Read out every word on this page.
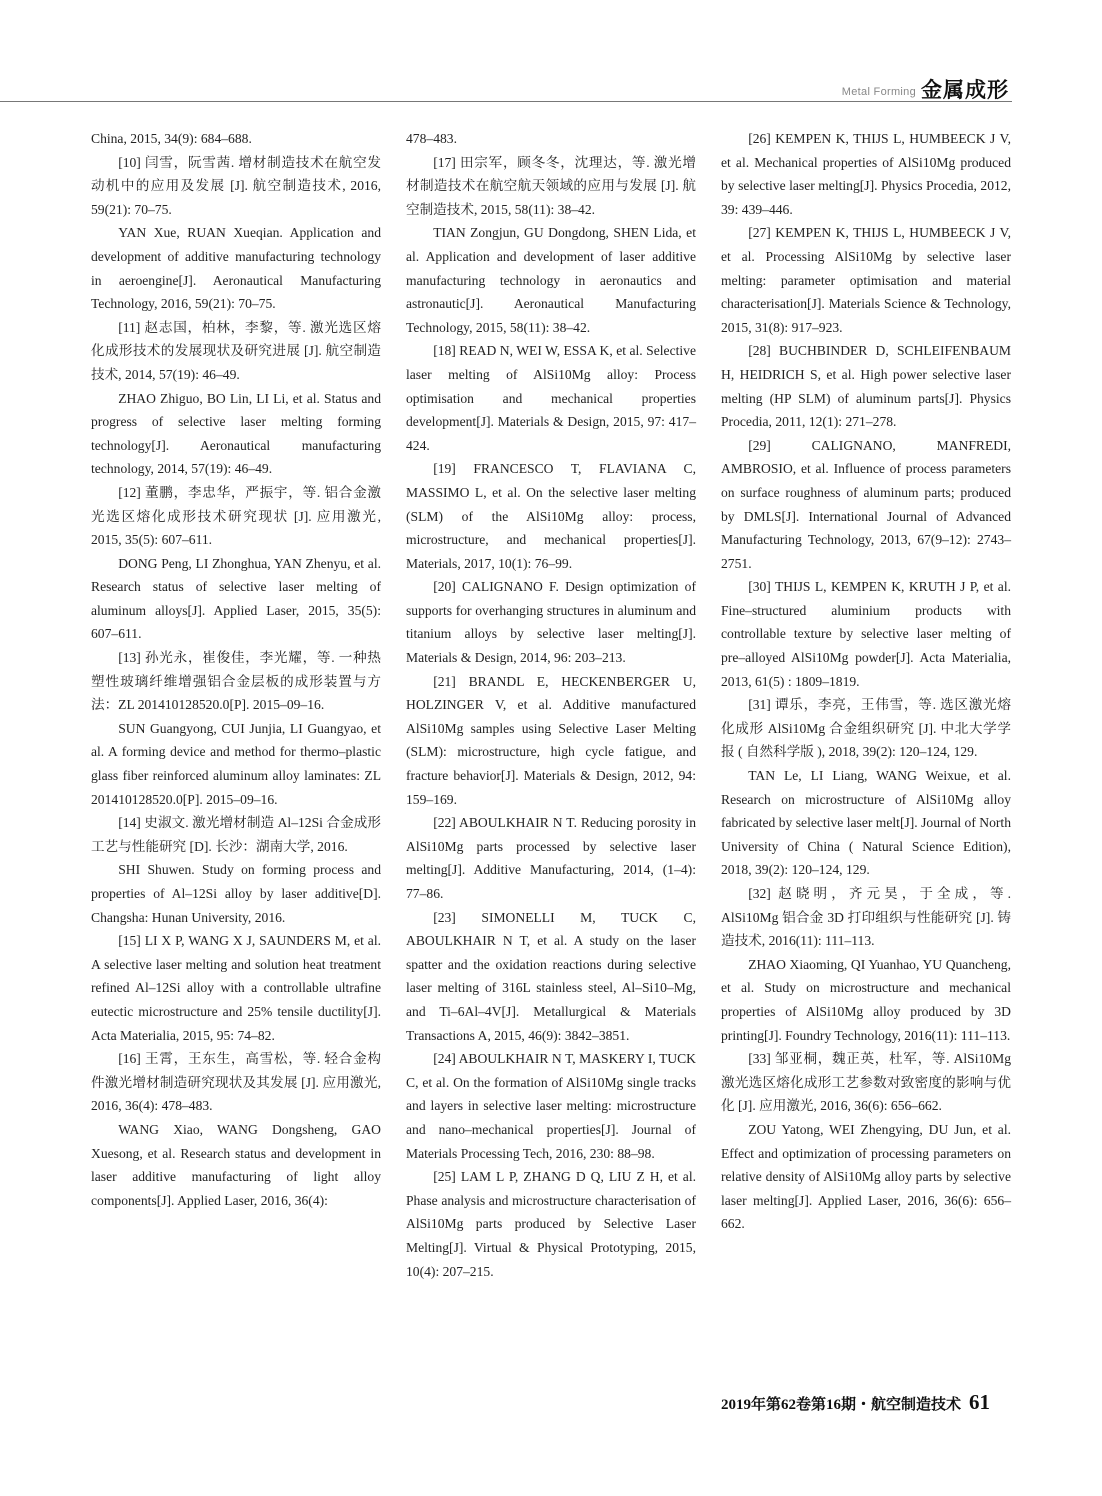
Metal Forming 金属成形

China, 2015, 34(9): 684–688.

[10] 闫雪，阮雪茜. 增材制造技术在航空发动机中的应用及发展 [J]. 航空制造技术, 2016, 59(21): 70–75.

YAN Xue, RUAN Xueqian. Application and development of additive manufacturing technology in aeroengine[J]. Aeronautical Manufacturing Technology, 2016, 59(21): 70–75.

[11] 赵志国，柏林，李黎，等. 激光选区熔化成形技术的发展现状及研究进展 [J]. 航空制造技术, 2014, 57(19): 46–49.

ZHAO Zhiguo, BO Lin, LI Li, et al. Status and progress of selective laser melting forming technology[J]. Aeronautical manufacturing technology, 2014, 57(19): 46–49.

[12] 董鹏，李忠华，严振宇，等. 铝合金激光选区熔化成形技术研究现状 [J]. 应用激光, 2015, 35(5): 607–611.

DONG Peng, LI Zhonghua, YAN Zhenyu, et al. Research status of selective laser melting of aluminum alloys[J]. Applied Laser, 2015, 35(5): 607–611.

[13] 孙光永，崔俊佳，李光耀，等. 一种热塑性玻璃纤维增强铝合金层板的成形装置与方法：ZL 201410128520.0[P]. 2015–09–16.

SUN Guangyong, CUI Junjia, LI Guangyao, et al. A forming device and method for thermo–plastic glass fiber reinforced aluminum alloy laminates: ZL 201410128520.0[P]. 2015–09–16.

[14] 史淑文. 激光增材制造 Al–12Si 合金成形工艺与性能研究 [D]. 长沙：湖南大学, 2016.

SHI Shuwen. Study on forming process and properties of Al–12Si alloy by laser additive[D]. Changsha: Hunan University, 2016.

[15] LI X P, WANG X J, SAUNDERS M, et al. A selective laser melting and solution heat treatment refined Al–12Si alloy with a controllable ultrafine eutectic microstructure and 25% tensile ductility[J]. Acta Materialia, 2015, 95: 74–82.

[16] 王霄，王东生，高雪松，等. 轻合金构件激光增材制造研究现状及其发展 [J]. 应用激光, 2016, 36(4): 478–483.

WANG Xiao, WANG Dongsheng, GAO Xuesong, et al. Research status and development in laser additive manufacturing of light alloy components[J]. Applied Laser, 2016, 36(4):

478–483.

[17] 田宗军，顾冬冬，沈理达，等. 激光增材制造技术在航空航天领域的应用与发展 [J]. 航空制造技术, 2015, 58(11): 38–42.

TIAN Zongjun, GU Dongdong, SHEN Lida, et al. Application and development of laser additive manufacturing technology in aeronautics and astronautic[J]. Aeronautical Manufacturing Technology, 2015, 58(11): 38–42.

[18] READ N, WEI W, ESSA K, et al. Selective laser melting of AlSi10Mg alloy: Process optimisation and mechanical properties development[J]. Materials & Design, 2015, 97: 417–424.

[19] FRANCESCO T, FLAVIANA C, MASSIMO L, et al. On the selective laser melting (SLM) of the AlSi10Mg alloy: process, microstructure, and mechanical properties[J]. Materials, 2017, 10(1): 76–99.

[20] CALIGNANO F. Design optimization of supports for overhanging structures in aluminum and titanium alloys by selective laser melting[J]. Materials & Design, 2014, 96: 203–213.

[21] BRANDL E, HECKENBERGER U, HOLZINGER V, et al. Additive manufactured AlSi10Mg samples using Selective Laser Melting (SLM): microstructure, high cycle fatigue, and fracture behavior[J]. Materials & Design, 2012, 94: 159–169.

[22] ABOULKHAIR N T. Reducing porosity in AlSi10Mg parts processed by selective laser melting[J]. Additive Manufacturing, 2014, (1–4): 77–86.

[23] SIMONELLI M, TUCK C, ABOULKHAIR N T, et al. A study on the laser spatter and the oxidation reactions during selective laser melting of 316L stainless steel, Al–Si10–Mg, and Ti–6Al–4V[J]. Metallurgical & Materials Transactions A, 2015, 46(9): 3842–3851.

[24] ABOULKHAIR N T, MASKERY I, TUCK C, et al. On the formation of AlSi10Mg single tracks and layers in selective laser melting: microstructure and nano–mechanical properties[J]. Journal of Materials Processing Tech, 2016, 230: 88–98.

[25] LAM L P, ZHANG D Q, LIU Z H, et al. Phase analysis and microstructure characterisation of AlSi10Mg parts produced by Selective Laser Melting[J]. Virtual & Physical Prototyping, 2015, 10(4): 207–215.

[26] KEMPEN K, THIJS L, HUMBEECK J V, et al. Mechanical properties of AlSi10Mg produced by selective laser melting[J]. Physics Procedia, 2012, 39: 439–446.

[27] KEMPEN K, THIJS L, HUMBEECK J V, et al. Processing AlSi10Mg by selective laser melting: parameter optimisation and material characterisation[J]. Materials Science & Technology, 2015, 31(8): 917–923.

[28] BUCHBINDER D, SCHLEIFENBAUM H, HEIDRICH S, et al. High power selective laser melting (HP SLM) of aluminum parts[J]. Physics Procedia, 2011, 12(1): 271–278.

[29] CALIGNANO, MANFREDI, AMBROSIO, et al. Influence of process parameters on surface roughness of aluminum parts; produced by DMLS[J]. International Journal of Advanced Manufacturing Technology, 2013, 67(9–12): 2743–2751.

[30] THIJS L, KEMPEN K, KRUTH J P, et al. Fine–structured aluminium products with controllable texture by selective laser melting of pre–alloyed AlSi10Mg powder[J]. Acta Materialia, 2013, 61(5) : 1809–1819.

[31] 谭乐，李亮，王伟雪，等. 选区激光熔化成形 AlSi10Mg 合金组织研究 [J]. 中北大学学报 ( 自然科学版 ), 2018, 39(2): 120–124, 129.

TAN Le, LI Liang, WANG Weixue, et al. Research on microstructure of AlSi10Mg alloy fabricated by selective laser melt[J]. Journal of North University of China ( Natural Science Edition), 2018, 39(2): 120–124, 129.

[32] 赵晓明，齐元昊，于全成，等. AlSi10Mg 铝合金 3D 打印组织与性能研究 [J]. 铸造技术, 2016(11): 111–113.

ZHAO Xiaoming, QI Yuanhao, YU Quancheng, et al. Study on microstructure and mechanical properties of AlSi10Mg alloy produced by 3D printing[J]. Foundry Technology, 2016(11): 111–113.

[33] 邹亚桐，魏正英，杜军，等. AlSi10Mg 激光选区熔化成形工艺参数对致密度的影响与优化 [J]. 应用激光, 2016, 36(6): 656–662.

ZOU Yatong, WEI Zhengying, DU Jun, et al. Effect and optimization of processing parameters on relative density of AlSi10Mg alloy parts by selective laser melting[J]. Applied Laser, 2016, 36(6): 656–662.

2019年第62卷第16期・航空制造技术 61
